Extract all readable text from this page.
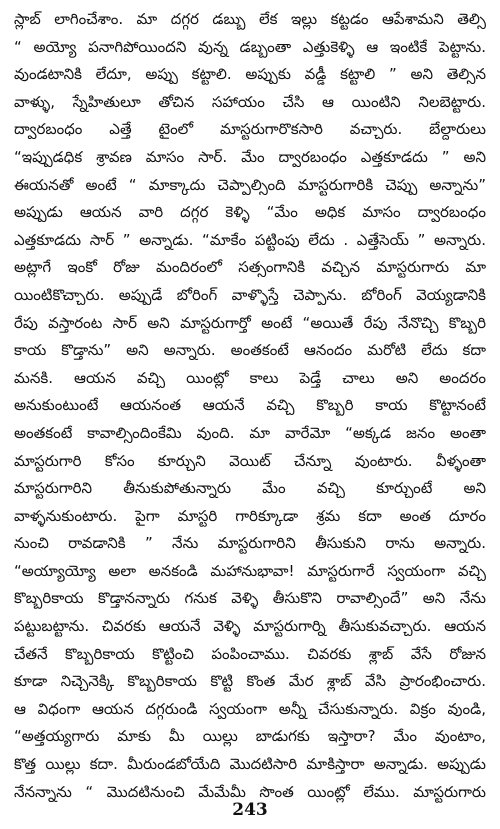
స్లాబ్ లాగించేశాం. మా దగ్గర డబ్బు లేక ఇల్లు కట్టడం ఆపేశామని తెల్సి
“ అయ్యో పనాగిపోయిందని వున్న డబ్బంతా ఎత్తుకెళ్ళి ఆ ఇంటికే పెట్టాను.
వుండటానికి లేదూ, అప్పు కట్టాలి. అప్పుకు వడ్డీ కట్టాలి ” అని తెల్సిన
వాళ్ళు, స్నేహితులూ తోచిన సహాయం చేసి ఆ యింటిని నిలబెట్టారు.
ద్వారబంధం ఎత్తే టైంలో మాస్టరుగారొకసారి వచ్చారు. బేల్దారులు
“ఇప్పుడధిక శ్రావణ మాసం సార్. మేం ద్వారబంధం ఎత్తకూడదు ” అని
ఈయనతో అంటే “ మాక్కాదు చెప్పాల్సింది మాస్టరుగారికి చెప్పు అన్నాను”
అప్పుడు ఆయన వారి దగ్గర కెళ్ళి “మేం అధిక మాసం ద్వారబంధం
ఎత్తకూడదు సార్ ” అన్నాడు. “మాకేం పట్టింపు లేదు . ఎత్తేసెయ్ ” అన్నారు.
అట్లాగే ఇంకో రోజు మందిరంలో సత్సంగానికి వచ్చిన మాస్టరుగారు మా
యింటికొచ్చారు. అప్పుడే బోరింగ్ వాళ్ళొస్తే చెప్పాను. బోరింగ్ వెయ్యడానికి
రేపు వస్తారంట సార్ అని మాస్టరుగార్తో అంటే “అయితే రేపు నేనొచ్చి కొబ్బరి
కాయ కొడ్తాను” అని అన్నారు. అంతకంటే ఆనందం మరోటి లేదు కదా
మనకి. ఆయన వచ్చి యింట్లో కాలు పెడ్తే చాలు అని అందరం
అనుకుంటుంటే ఆయనంత ఆయనే వచ్చి కొబ్బరి కాయ కొట్టానంటే
అంతకంటే కావాల్సిందింకేమి వుంది. మా వారేమో “అక్కడ జనం అంతా
మాస్టరుగారి కోసం కూర్చుని వెయిట్ చేన్నూ వుంటారు. వీళ్ళంతా
మాస్టరుగారిని తీనుకుపోతున్నారు మేం వచ్చి కూర్చుంటే అని
వాళ్ళనుకుంటారు. పైగా మాస్టరి గారిక్కూడా శ్రమ కదా అంత దూరం
నుంచి రావడానికి ” నేను మాస్టరుగారిని తీసుకుని రాను అన్నారు.
“అయ్యాయ్యో అలా అనకండి మహానుభావా! మాస్టరుగారే స్వయంగా వచ్చి
కొబ్బరికాయ కొడ్తానన్నారు గనుక వెళ్ళి తీసుకొని రావాల్సిందే” అని నేను
పట్టుబట్టాను. చివరకు ఆయనే వెళ్ళి మాస్టరుగార్ని తీసుకువచ్చారు. ఆయన
చేతనే కొబ్బరికాయ కొట్టించి పంపించాము. చివరకు శ్లాబ్ వేసే రోజున
కూడా నిచ్చెనెక్కి కొబ్బరికాయ కొట్టి కొంత మేర శ్లాబ్ వేసి ప్రారంభించారు.
ఆ విధంగా ఆయన దగ్గరుండి స్వయంగా అన్నీ చేసుకున్నారు. విక్రం వుండి,
“అత్తయ్యగారు మాకు మీ యిల్లు బాడుగకు ఇస్తారా? మేం వుంటాం,
కొత్త యిల్లు కదా. మీరుండబోయేది మొదటిసారి మాకిస్తారా అన్నాడు. అప్పుడు
నేనన్నాను “ మొదటినుంచి మేమేమీ సొంత యింట్లో లేము. మాస్టరుగారు
243
